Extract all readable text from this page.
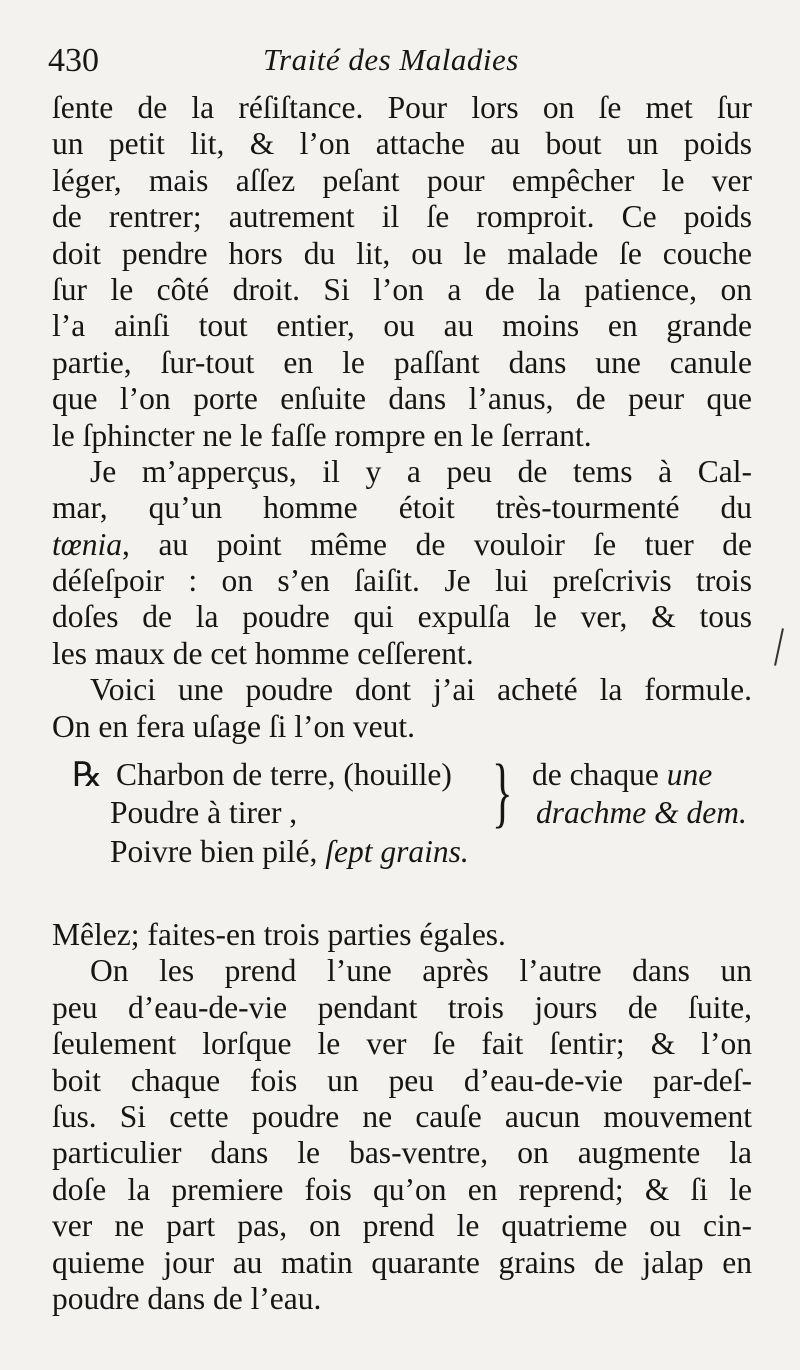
430	Traité des Maladies
ſente de la réſiſtance. Pour lors on ſe met ſur
un petit lit, & l’on attache au bout un poids
léger, mais aſſez peſant pour empêcher le ver
de rentrer; autrement il ſe romproit. Ce poids
doit pendre hors du lit, ou le malade ſe couche
ſur le côté droit. Si l’on a de la patience, on
l’a ainſi tout entier, ou au moins en grande
partie, ſur-tout en le paſſant dans une canule
que l’on porte enſuite dans l’anus, de peur que
le ſphincter ne le faſſe rompre en le ſerrant.
Je m’apperçus, il y a peu de tems à Cal-
mar, qu’un homme étoit très-tourmenté du
tœnia, au point même de vouloir ſe tuer de
déſeſpoir : on s’en ſaiſit. Je lui preſcrivis trois
doſes de la poudre qui expulſa le ver, & tous
les maux de cet homme ceſſerent.
Voici une poudre dont j’ai acheté la formule.
On en fera uſage ſi l’on veut.
℞ Charbon de terre, (houille)
Poudre à tirer ,
Poivre bien pilé, ſept grains.
} de chaque une
drachme & dem.
Mêlez; faites-en trois parties égales.
On les prend l’une après l’autre dans un
peu d’eau-de-vie pendant trois jours de ſuite,
ſeulement lorſque le ver ſe fait ſentir; & l’on
boit chaque fois un peu d’eau-de-vie par-deſ-
ſus. Si cette poudre ne cauſe aucun mouvement
particulier dans le bas-ventre, on augmente la
doſe la premiere fois qu’on en reprend; & ſi le
ver ne part pas, on prend le quatrieme ou cin-
quieme jour au matin quarante grains de jalap en
poudre dans de l’eau.
